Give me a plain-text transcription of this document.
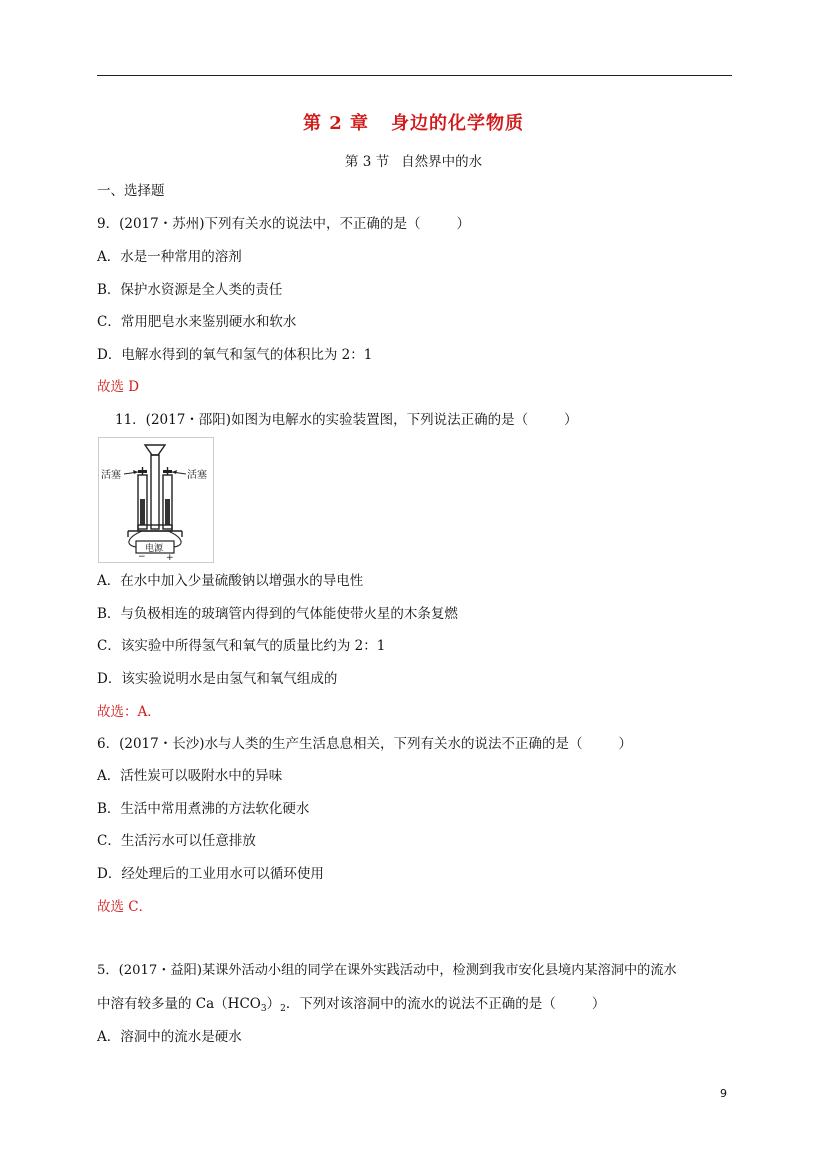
第 2 章 身边的化学物质
第 3 节 自然界中的水
一、选择题
9．(2017・苏州)下列有关水的说法中，不正确的是（	）
A．水是一种常用的溶剂
B．保护水资源是全人类的责任
C．常用肥皂水来鉴别硬水和软水
D．电解水得到的氧气和氢气的体积比为 2：1
故选 D
11．(2017・邵阳)如图为电解水的实验装置图，下列说法正确的是（	）
− +
活塞	活塞
电源
A．在水中加入少量硫酸钠以增强水的导电性
B．与负极相连的玻璃管内得到的气体能使带火星的木条复燃
C．该实验中所得氢气和氧气的质量比约为 2：1
D．该实验说明水是由氢气和氧气组成的
故选：A．
6．(2017・长沙)水与人类的生产生活息息相关，下列有关水的说法不正确的是（	）
A．活性炭可以吸附水中的异味
B．生活中常用煮沸的方法软化硬水
C．生活污水可以任意排放
D．经处理后的工业用水可以循环使用
故选 C．
5．(2017・益阳)某课外活动小组的同学在课外实践活动中，检测到我市安化县境内某溶洞中的流水
中溶有较多量的 $Ca(HCO_3)_2$．下列对该溶洞中的流水的说法不正确的是（	）
A．溶洞中的流水是硬水
9
